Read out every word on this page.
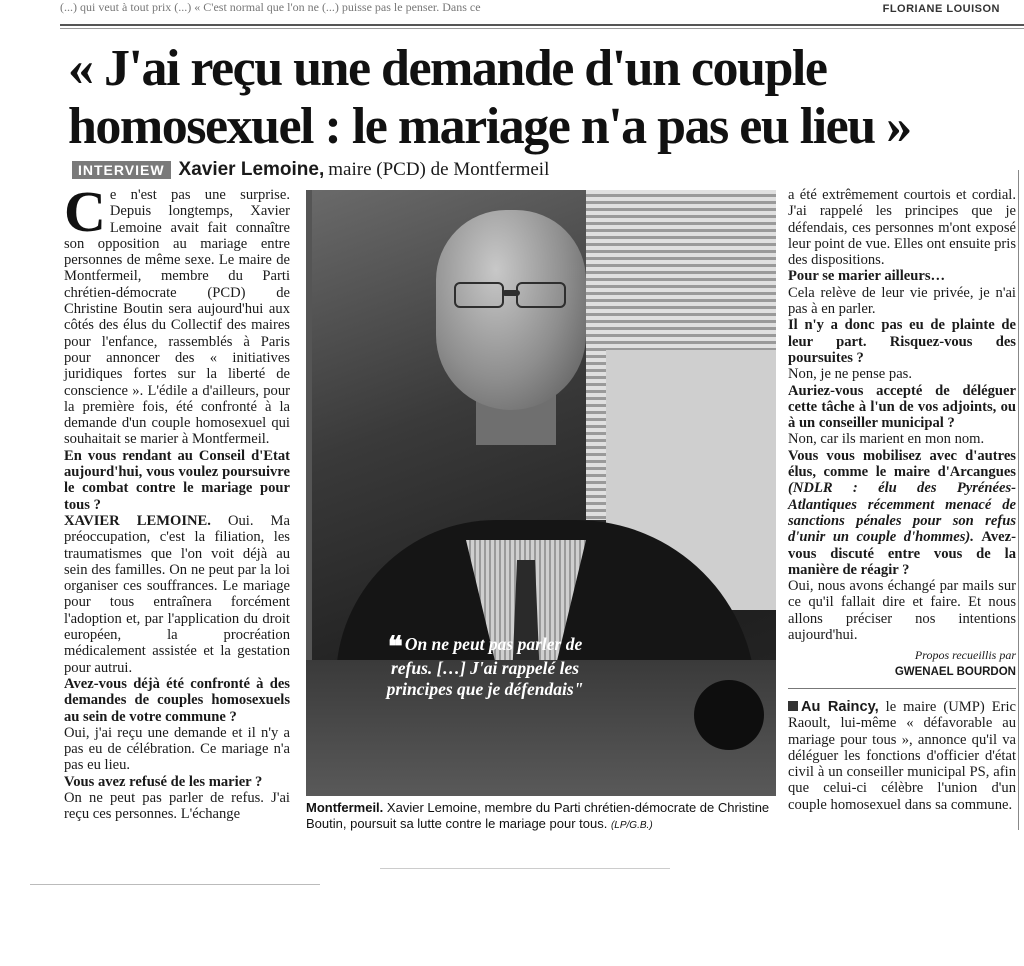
(...) qui veut à tout prix (...) « C'est normal que l'on ne (...) puisse pas le penser. Dans ce	FLORIANE LOUISON
« J'ai reçu une demande d'un couple
homosexuel : le mariage n'a pas eu lieu »
INTERVIEW Xavier Lemoine, maire (PCD) de Montfermeil

Ce n'est pas une surprise. Depuis longtemps, Xavier Lemoine avait fait connaître son opposition au mariage entre personnes de même sexe. Le maire de Montfermeil, membre du Parti chrétien-démocrate (PCD) de Christine Boutin sera aujourd'hui aux côtés des élus du Collectif des maires pour l'enfance, rassemblés à Paris pour annoncer des « initiatives juridiques fortes sur la liberté de conscience ». L'édile a d'ailleurs, pour la première fois, été confronté à la demande d'un couple homosexuel qui souhaitait se marier à Montfermeil.

En vous rendant au Conseil d'Etat aujourd'hui, vous voulez poursuivre le combat contre le mariage pour tous ?

XAVIER LEMOINE. Oui. Ma préoccupation, c'est la filiation, les traumatismes que l'on voit déjà au sein des familles. On ne peut par la loi organiser ces souffrances. Le mariage pour tous entraînera forcément l'adoption et, par l'application du droit européen, la procréation médicalement assistée et la gestation pour autrui.

Avez-vous déjà été confronté à des demandes de couples homosexuels au sein de votre commune ?

Oui, j'ai reçu une demande et il n'y a pas eu de célébration. Ce mariage n'a pas eu lieu.

Vous avez refusé de les marier ?

On ne peut pas parler de refus. J'ai reçu ces personnes. L'échange

❝ On ne peut pas parler de refus. […] J'ai rappelé les principes que je défendais"
Montfermeil. Xavier Lemoine, membre du Parti chrétien-démocrate de Christine Boutin, poursuit sa lutte contre le mariage pour tous. (LP/G.B.)

a été extrêmement courtois et cordial. J'ai rappelé les principes que je défendais, ces personnes m'ont exposé leur point de vue. Elles ont ensuite pris des dispositions.

Pour se marier ailleurs…

Cela relève de leur vie privée, je n'ai pas à en parler.

Il n'y a donc pas eu de plainte de leur part. Risquez-vous des poursuites ?

Non, je ne pense pas.

Auriez-vous accepté de déléguer cette tâche à l'un de vos adjoints, ou à un conseiller municipal ?

Non, car ils marient en mon nom.

Vous vous mobilisez avec d'autres élus, comme le maire d'Arcangues (NDLR : élu des Pyrénées-Atlantiques récemment menacé de sanctions pénales pour son refus d'unir un couple d'hommes). Avez-vous discuté entre vous de la manière de réagir ?

Oui, nous avons échangé par mails sur ce qu'il fallait dire et faire. Et nous allons préciser nos intentions aujourd'hui.

Propos recueillis par

GWENAEL BOURDON

Au Raincy, le maire (UMP) Eric Raoult, lui-même « défavorable au mariage pour tous », annonce qu'il va déléguer les fonctions d'officier d'état civil à un conseiller municipal PS, afin que celui-ci célèbre l'union d'un couple homosexuel dans sa commune.
